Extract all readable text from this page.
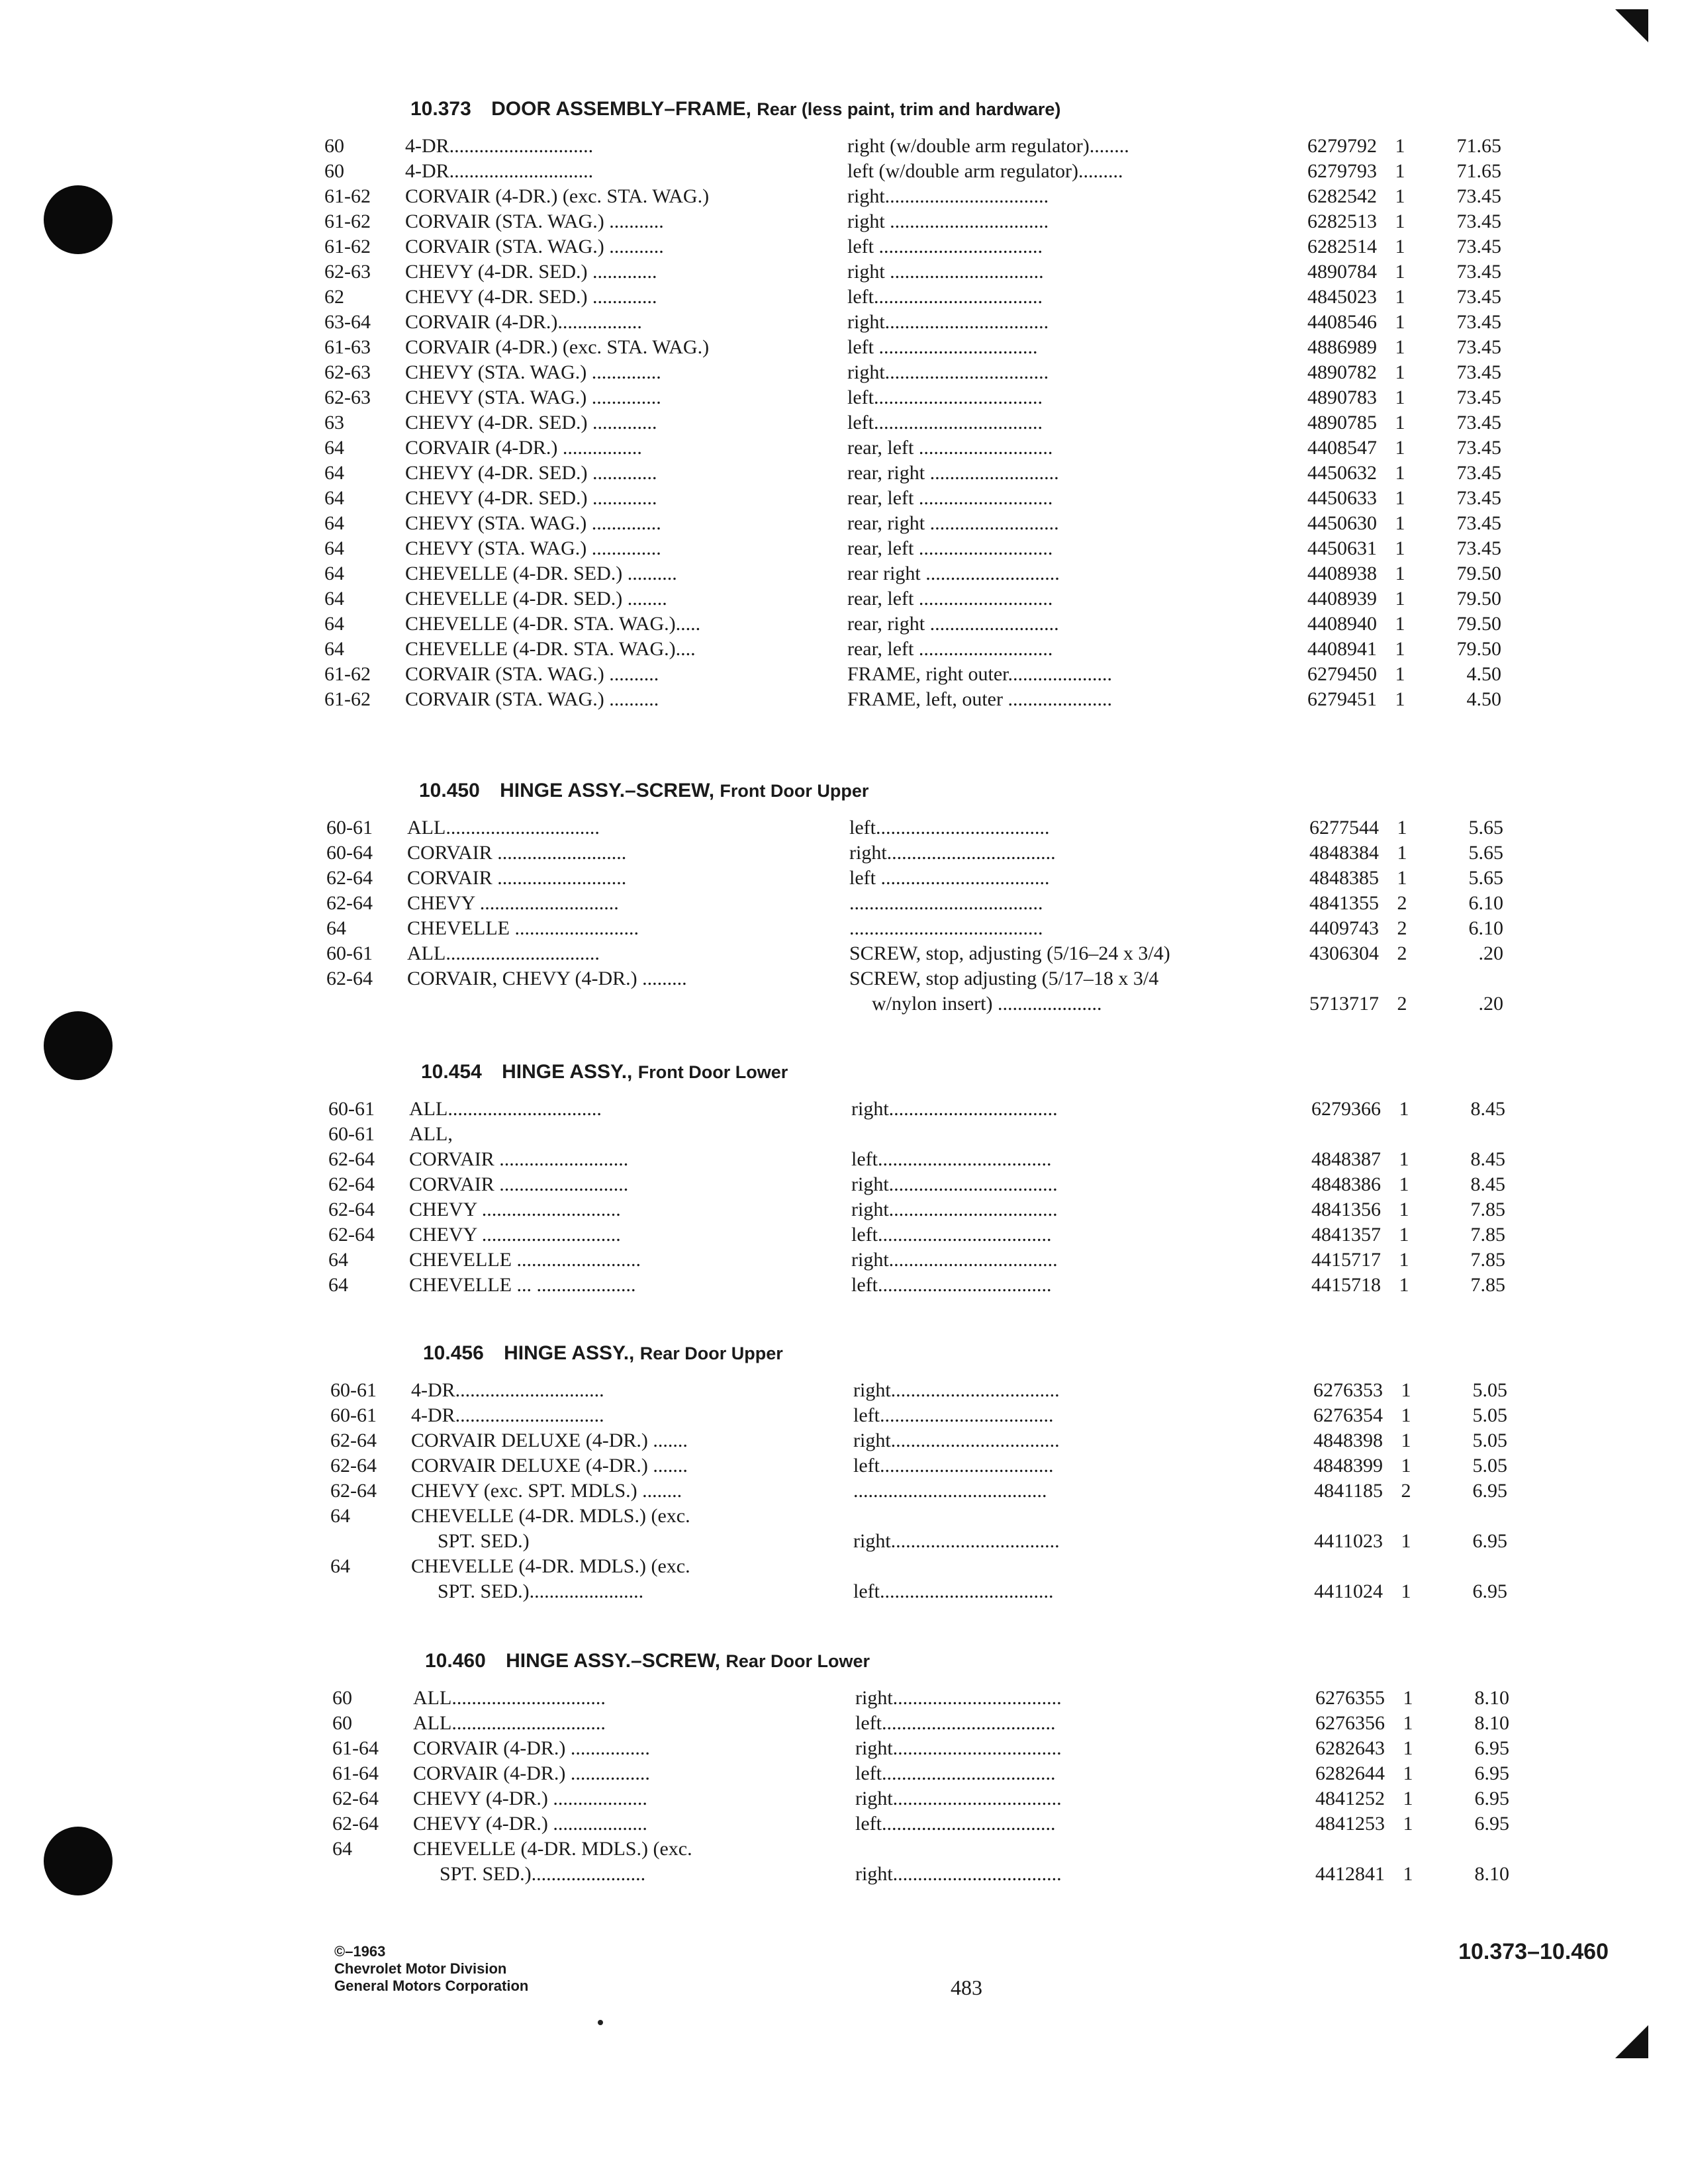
10.373 DOOR ASSEMBLY–FRAME, Rear (less paint, trim and hardware)
60	4-DR.............................	right (w/double arm regulator)........	6279792 1	71.65
60	4-DR.............................	left (w/double arm regulator).........	6279793 1	71.65
61-62 CORVAIR (4-DR.) (exc. STA. WAG.)	right.................................	6282542 1	73.45
61-62 CORVAIR (STA. WAG.) ...........	right ................................	6282513 1	73.45
61-62 CORVAIR (STA. WAG.) ...........	left .................................	6282514 1	73.45
62-63 CHEVY (4-DR. SED.) .............	right ...............................	4890784 1	73.45
62	CHEVY (4-DR. SED.) .............	left..................................	4845023 1	73.45
63-64 CORVAIR (4-DR.).................	right.................................	4408546 1	73.45
61-63 CORVAIR (4-DR.) (exc. STA. WAG.)	left ................................	4886989 1	73.45
62-63 CHEVY (STA. WAG.) ..............	right.................................	4890782 1	73.45
62-63 CHEVY (STA. WAG.) ..............	left..................................	4890783 1	73.45
63	CHEVY (4-DR. SED.) .............	left..................................	4890785 1	73.45
64	CORVAIR (4-DR.) ................	rear, left ...........................	4408547 1	73.45
64	CHEVY (4-DR. SED.) .............	rear, right ..........................	4450632 1	73.45
64	CHEVY (4-DR. SED.) .............	rear, left ...........................	4450633 1	73.45
64	CHEVY (STA. WAG.) ..............	rear, right ..........................	4450630 1	73.45
64	CHEVY (STA. WAG.) ..............	rear, left ...........................	4450631 1	73.45
64	CHEVELLE (4-DR. SED.) ..........	rear right ...........................	4408938 1	79.50
64	CHEVELLE (4-DR. SED.) ........	rear, left ...........................	4408939 1	79.50
64	CHEVELLE (4-DR. STA. WAG.).....	rear, right ..........................	4408940 1	79.50
64	CHEVELLE (4-DR. STA. WAG.)....	rear, left ...........................	4408941 1	79.50
61-62 CORVAIR (STA. WAG.) ..........	FRAME, right outer.....................	6279450 1	4.50
61-62 CORVAIR (STA. WAG.) ..........	FRAME, left, outer .....................	6279451 1	4.50
10.450 HINGE ASSY.–SCREW, Front Door Upper
60-61 ALL...............................	left...................................	6277544 1	5.65
60-64 CORVAIR ..........................	right..................................	4848384 1	5.65
62-64 CORVAIR ..........................	left ..................................	4848385 1	5.65
62-64 CHEVY ............................	.......................................	4841355 2	6.10
64	CHEVELLE .........................	.......................................	4409743 2	6.10
60-61 ALL...............................	SCREW, stop, adjusting (5/16–24 x 3/4)	4306304 2	.20
62-64 CORVAIR, CHEVY (4-DR.) .........	SCREW, stop adjusting (5/17–18 x 3/4
w/nylon insert) .....................	5713717 2	.20
10.454 HINGE ASSY., Front Door Lower
60-61 ALL...............................	right..................................	6279366 1	8.45
60-61 ALL,
62-64 CORVAIR ..........................	left...................................	4848387 1	8.45
62-64 CORVAIR ..........................	right..................................	4848386 1	8.45
62-64 CHEVY ............................	right..................................	4841356 1	7.85
62-64 CHEVY ............................	left...................................	4841357 1	7.85
64	CHEVELLE .........................	right..................................	4415717 1	7.85
64	CHEVELLE ... ....................	left...................................	4415718 1	7.85
10.456 HINGE ASSY., Rear Door Upper
60-61 4-DR..............................	right..................................	6276353 1	5.05
60-61 4-DR..............................	left...................................	6276354 1	5.05
62-64 CORVAIR DELUXE (4-DR.) .......	right..................................	4848398 1	5.05
62-64 CORVAIR DELUXE (4-DR.) .......	left...................................	4848399 1	5.05
62-64 CHEVY (exc. SPT. MDLS.) ........	.......................................	4841185 2	6.95
64	CHEVELLE (4-DR. MDLS.) (exc.
SPT. SED.)	right..................................	4411023 1	6.95
64	CHEVELLE (4-DR. MDLS.) (exc.
SPT. SED.).......................	left...................................	4411024 1	6.95
10.460 HINGE ASSY.–SCREW, Rear Door Lower
60	ALL...............................	right..................................	6276355 1	8.10
60	ALL...............................	left...................................	6276356 1	8.10
61-64 CORVAIR (4-DR.) ................	right..................................	6282643 1	6.95
61-64 CORVAIR (4-DR.) ................	left...................................	6282644 1	6.95
62-64 CHEVY (4-DR.) ...................	right..................................	4841252 1	6.95
62-64 CHEVY (4-DR.) ...................	left...................................	4841253 1	6.95
64	CHEVELLE (4-DR. MDLS.) (exc.
SPT. SED.).......................	right..................................	4412841 1	8.10
©–1963
Chevrolet Motor Division
General Motors Corporation	483
10.373–10.460
